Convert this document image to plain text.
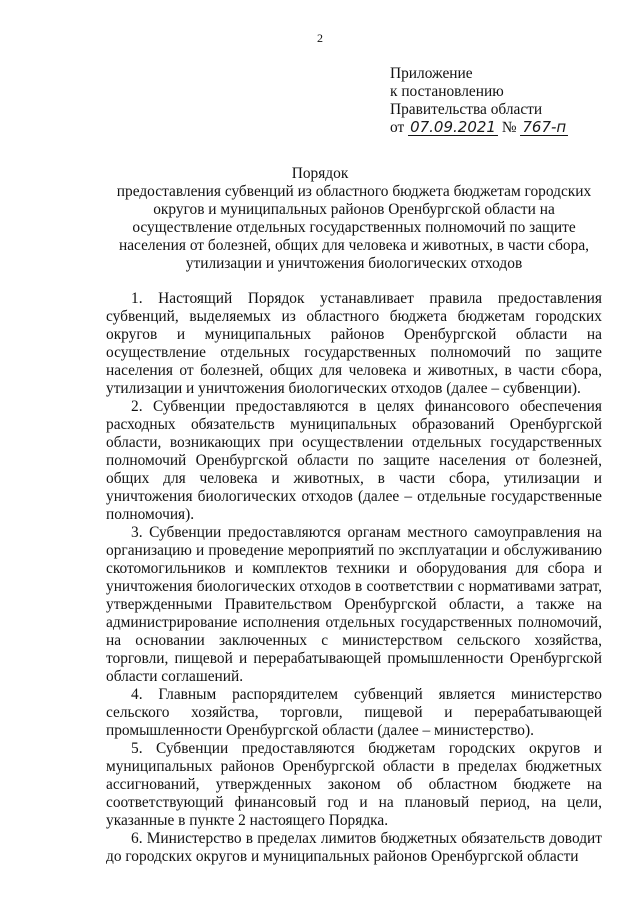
2
Приложение
к постановлению
Правительства области
от 07.09.2021 № 767-п
Порядок
предоставления субвенций из областного бюджета бюджетам городских округов и муниципальных районов Оренбургской области на осуществление отдельных государственных полномочий по защите населения от болезней, общих для человека и животных, в части сбора, утилизации и уничтожения биологических отходов

1. Настоящий Порядок устанавливает правила предоставления субвенций, выделяемых из областного бюджета бюджетам городских округов и муниципальных районов Оренбургской области на осуществление отдельных государственных полномочий по защите населения от болезней, общих для человека и животных, в части сбора, утилизации и уничтожения биологических отходов (далее – субвенции).

2. Субвенции предоставляются в целях финансового обеспечения расходных обязательств муниципальных образований Оренбургской области, возникающих при осуществлении отдельных государственных полномочий Оренбургской области по защите населения от болезней, общих для человека и животных, в части сбора, утилизации и уничтожения биологических отходов (далее – отдельные государственные полномочия).

3. Субвенции предоставляются органам местного самоуправления на организацию и проведение мероприятий по эксплуатации и обслуживанию скотомогильников и комплектов техники и оборудования для сбора и уничтожения биологических отходов в соответствии с нормативами затрат, утвержденными Правительством Оренбургской области, а также на администрирование исполнения отдельных государственных полномочий, на основании заключенных с министерством сельского хозяйства, торговли, пищевой и перерабатывающей промышленности Оренбургской области соглашений.

4. Главным распорядителем субвенций является министерство сельского хозяйства, торговли, пищевой и перерабатывающей промышленности Оренбургской области (далее – министерство).

5. Субвенции предоставляются бюджетам городских округов и муниципальных районов Оренбургской области в пределах бюджетных ассигнований, утвержденных законом об областном бюджете на соответствующий финансовый год и на плановый период, на цели, указанные в пункте 2 настоящего Порядка.

6. Министерство в пределах лимитов бюджетных обязательств доводит до городских округов и муниципальных районов Оренбургской области
